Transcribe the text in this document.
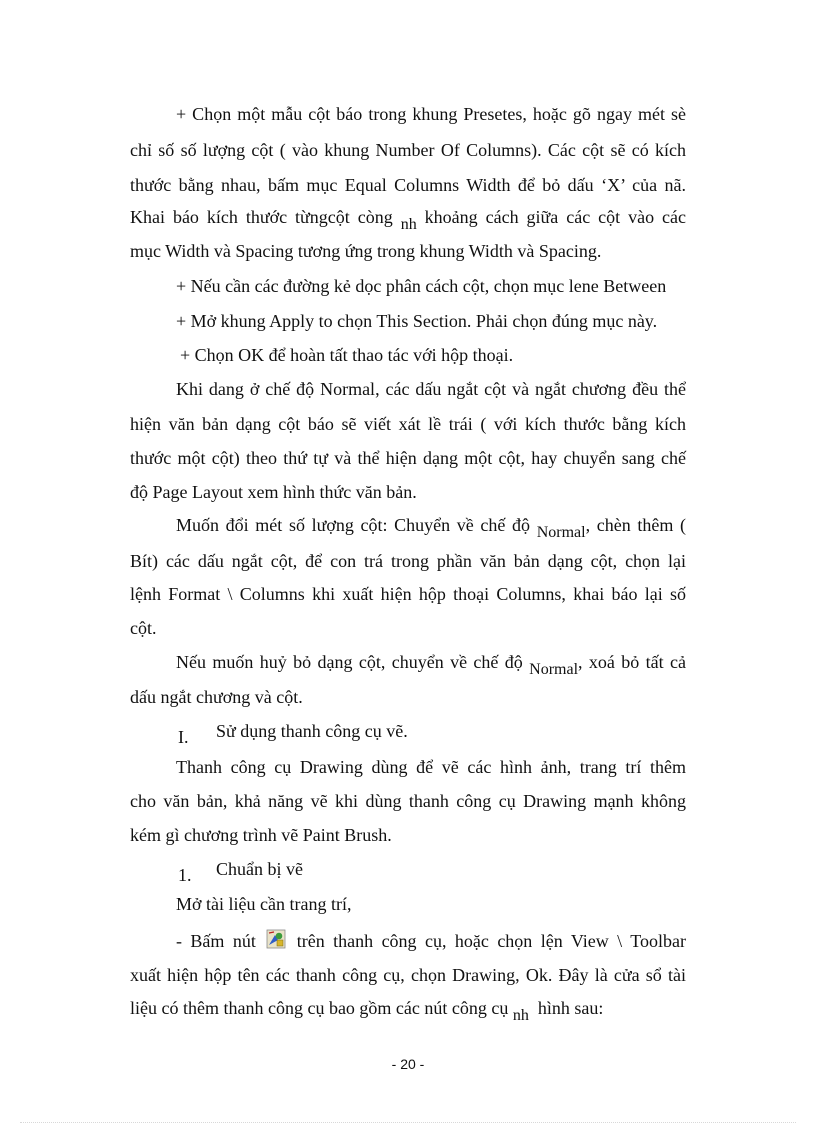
+ Chọn một mẫu cột báo trong khung Presetes, hoặc gõ ngay mét sè
chỉ số số lượng cột ( vào khung Number Of Columns). Các cột sẽ có kích
thước bằng nhau, bấm mục Equal Columns Width để bỏ dấu ‘X’ của nã.
Khai báo kích thước từngcột còng nh khoảng cách giữa các cột vào các
mục Width và Spacing tương ứng trong khung Width và Spacing.
+ Nếu cần các đường kẻ dọc phân cách cột, chọn mục lene Between
+ Mở khung Apply to chọn This Section. Phải chọn đúng mục này.
+ Chọn OK để hoàn tất thao tác với hộp thoại.
Khi dang ở chế độ Normal, các dấu ngắt cột và ngắt chương đều thể
hiện văn bản dạng cột báo sẽ viết xát lề trái ( với kích thước bằng kích
thước một cột) theo thứ tự và thể hiện dạng một cột, hay chuyển sang chế
độ Page Layout xem hình thức văn bản.
Muốn đổi mét số lượng cột: Chuyển về chế độ Normal, chèn thêm (
Bít) các dấu ngắt cột, để con trá trong phần văn bản dạng cột, chọn lại
lệnh Format \ Columns khi xuất hiện hộp thoại Columns, khai báo lại số
cột.
Nếu muốn huỷ bỏ dạng cột, chuyển về chế độ Normal, xoá bỏ tất cả
dấu ngắt chương và cột.
I. Sử dụng thanh công cụ vẽ.
Thanh công cụ Drawing dùng để vẽ các hình ảnh, trang trí thêm
cho văn bản, khả năng vẽ khi dùng thanh công cụ Drawing mạnh không
kém gì chương trình vẽ Paint Brush.
1. Chuẩn bị vẽ
Mở tài liệu cần trang trí,
- Bấm nút trên thanh công cụ, hoặc chọn lện View \ Toolbar
xuất hiện hộp tên các thanh công cụ, chọn Drawing, Ok. Đây là cửa sổ tài
liệu có thêm thanh công cụ bao gồm các nút công cụ nh hình sau:
- 20 -
